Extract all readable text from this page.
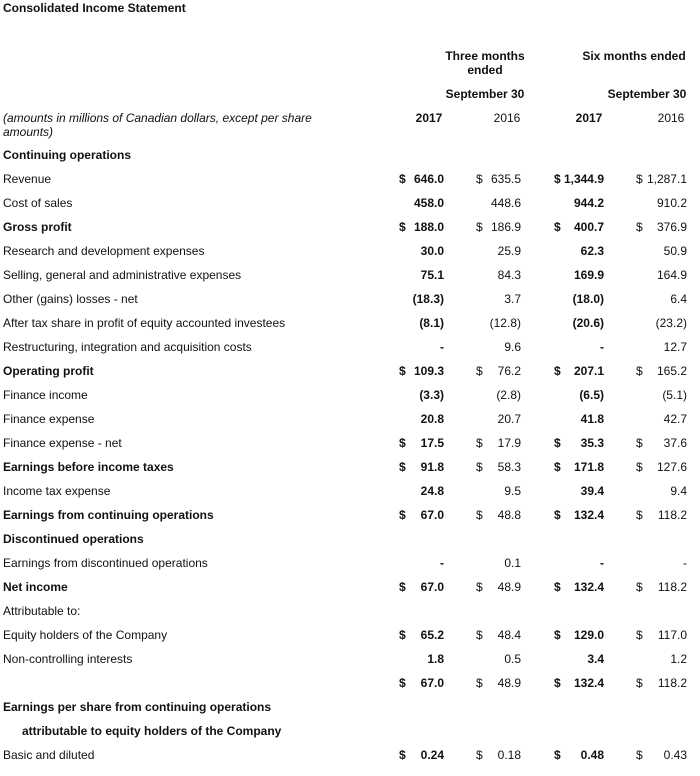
Consolidated Income Statement
Three months ended
Six months ended
September 30	September 30
(amounts in millions of Canadian dollars, except per share amounts)
2017	2016	2017	2016
Continuing operations
Revenue	$ 646.0	$ 635.5	$ 1,344.9	$ 1,287.1
Cost of sales	458.0	448.6	944.2	910.2
Gross profit	$ 188.0	$ 186.9	$ 400.7	$ 376.9
Research and development expenses	30.0	25.9	62.3	50.9
Selling, general and administrative expenses	75.1	84.3	169.9	164.9
Other (gains) losses - net	(18.3)	3.7	(18.0)	6.4
After tax share in profit of equity accounted investees	(8.1)	(12.8)	(20.6)	(23.2)
Restructuring, integration and acquisition costs	-	9.6	-	12.7
Operating profit	$ 109.3	$ 76.2	$ 207.1	$ 165.2
Finance income	(3.3)	(2.8)	(6.5)	(5.1)
Finance expense	20.8	20.7	41.8	42.7
Finance expense - net	$ 17.5	$ 17.9	$ 35.3	$ 37.6
Earnings before income taxes	$ 91.8	$ 58.3	$ 171.8	$ 127.6
Income tax expense	24.8	9.5	39.4	9.4
Earnings from continuing operations	$ 67.0	$ 48.8	$ 132.4	$ 118.2
Discontinued operations
Earnings from discontinued operations	-	0.1	-	-
Net income	$ 67.0	$ 48.9	$ 132.4	$ 118.2
Attributable to:
Equity holders of the Company	$ 65.2	$ 48.4	$ 129.0	$ 117.0
Non-controlling interests	1.8	0.5	3.4	1.2
$ 67.0	$ 48.9	$ 132.4	$ 118.2
Earnings per share from continuing operations
attributable to equity holders of the Company
Basic and diluted	$ 0.24	$ 0.18	$ 0.48	$ 0.43
